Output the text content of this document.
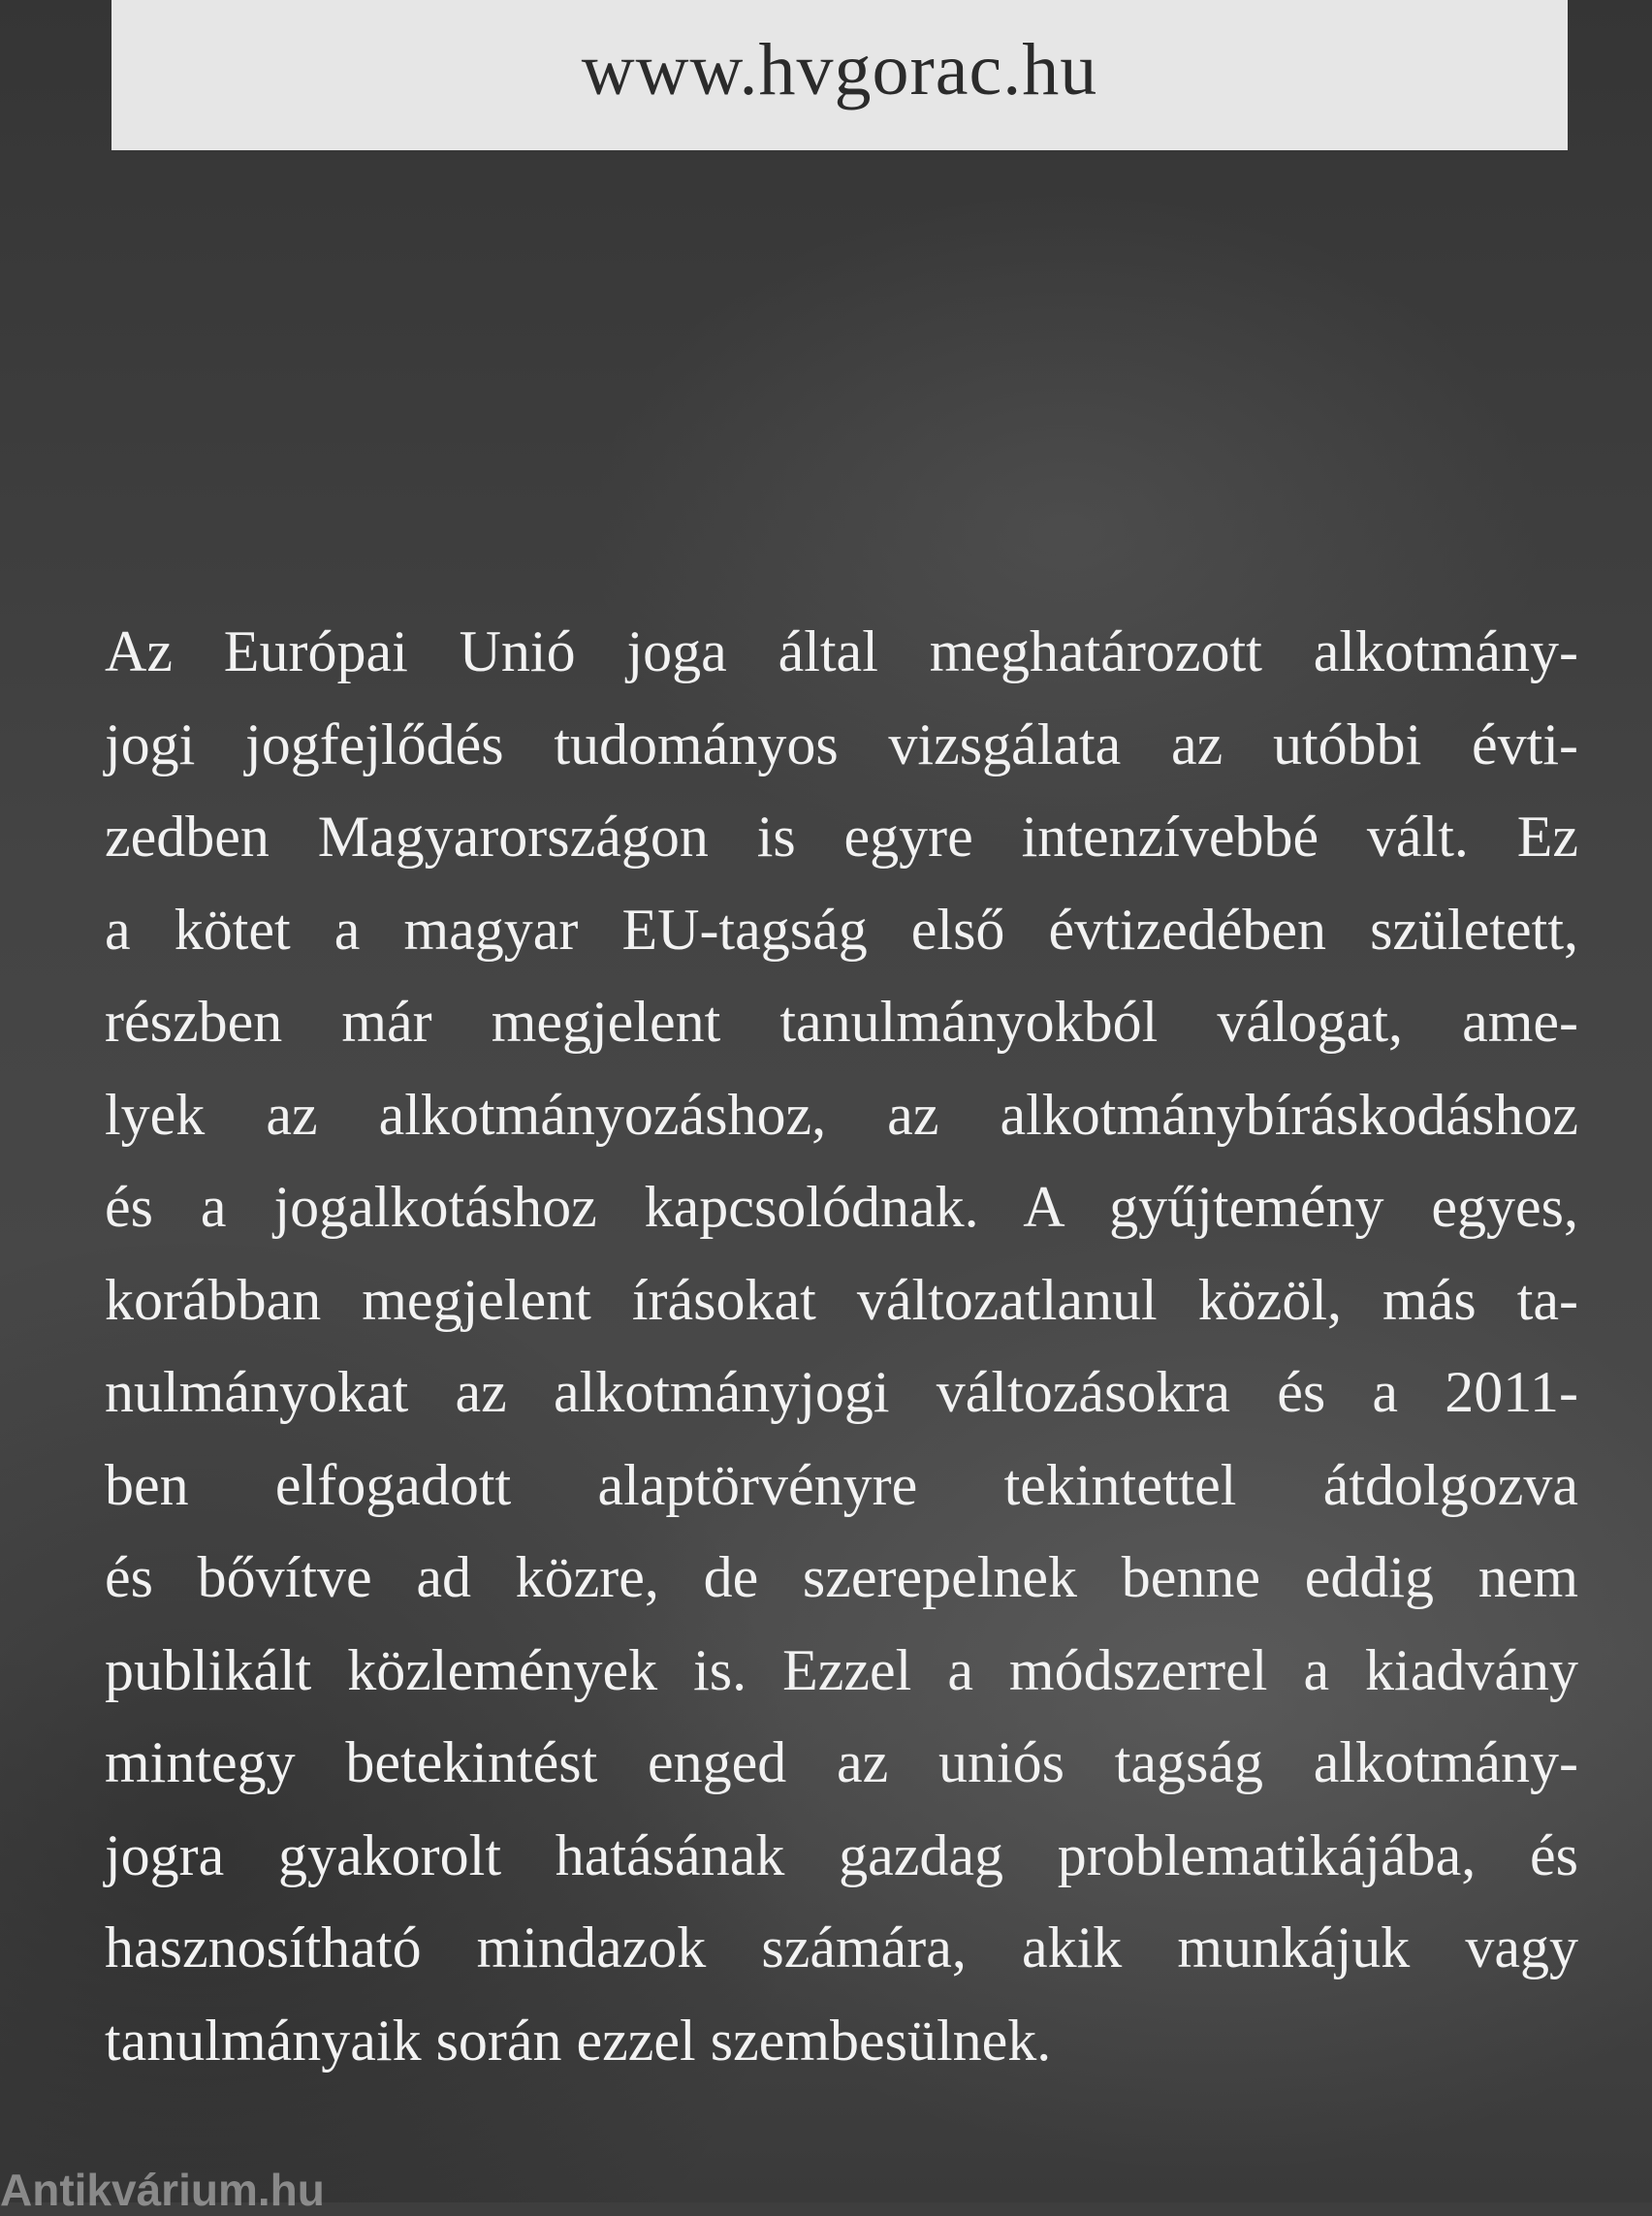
www.hvgorac.hu
Az Európai Unió joga által meghatározott alkotmány-
jogi jogfejlődés tudományos vizsgálata az utóbbi évti-
zedben Magyarországon is egyre intenzívebbé vált. Ez
a kötet a magyar EU-tagság első évtizedében született,
részben már megjelent tanulmányokból válogat, ame-
lyek az alkotmányozáshoz, az alkotmánybíráskodáshoz
és a jogalkotáshoz kapcsolódnak. A gyűjtemény egyes,
korábban megjelent írásokat változatlanul közöl, más ta-
nulmányokat az alkotmányjogi változásokra és a 2011-
ben elfogadott alaptörvényre tekintettel átdolgozva
és bővítve ad közre, de szerepelnek benne eddig nem
publikált közlemények is. Ezzel a módszerrel a kiadvány
mintegy betekintést enged az uniós tagság alkotmány-
jogra gyakorolt hatásának gazdag problematikájába, és
hasznosítható mindazok számára, akik munkájuk vagy
tanulmányaik során ezzel szembesülnek.
Antikvárium.hu
